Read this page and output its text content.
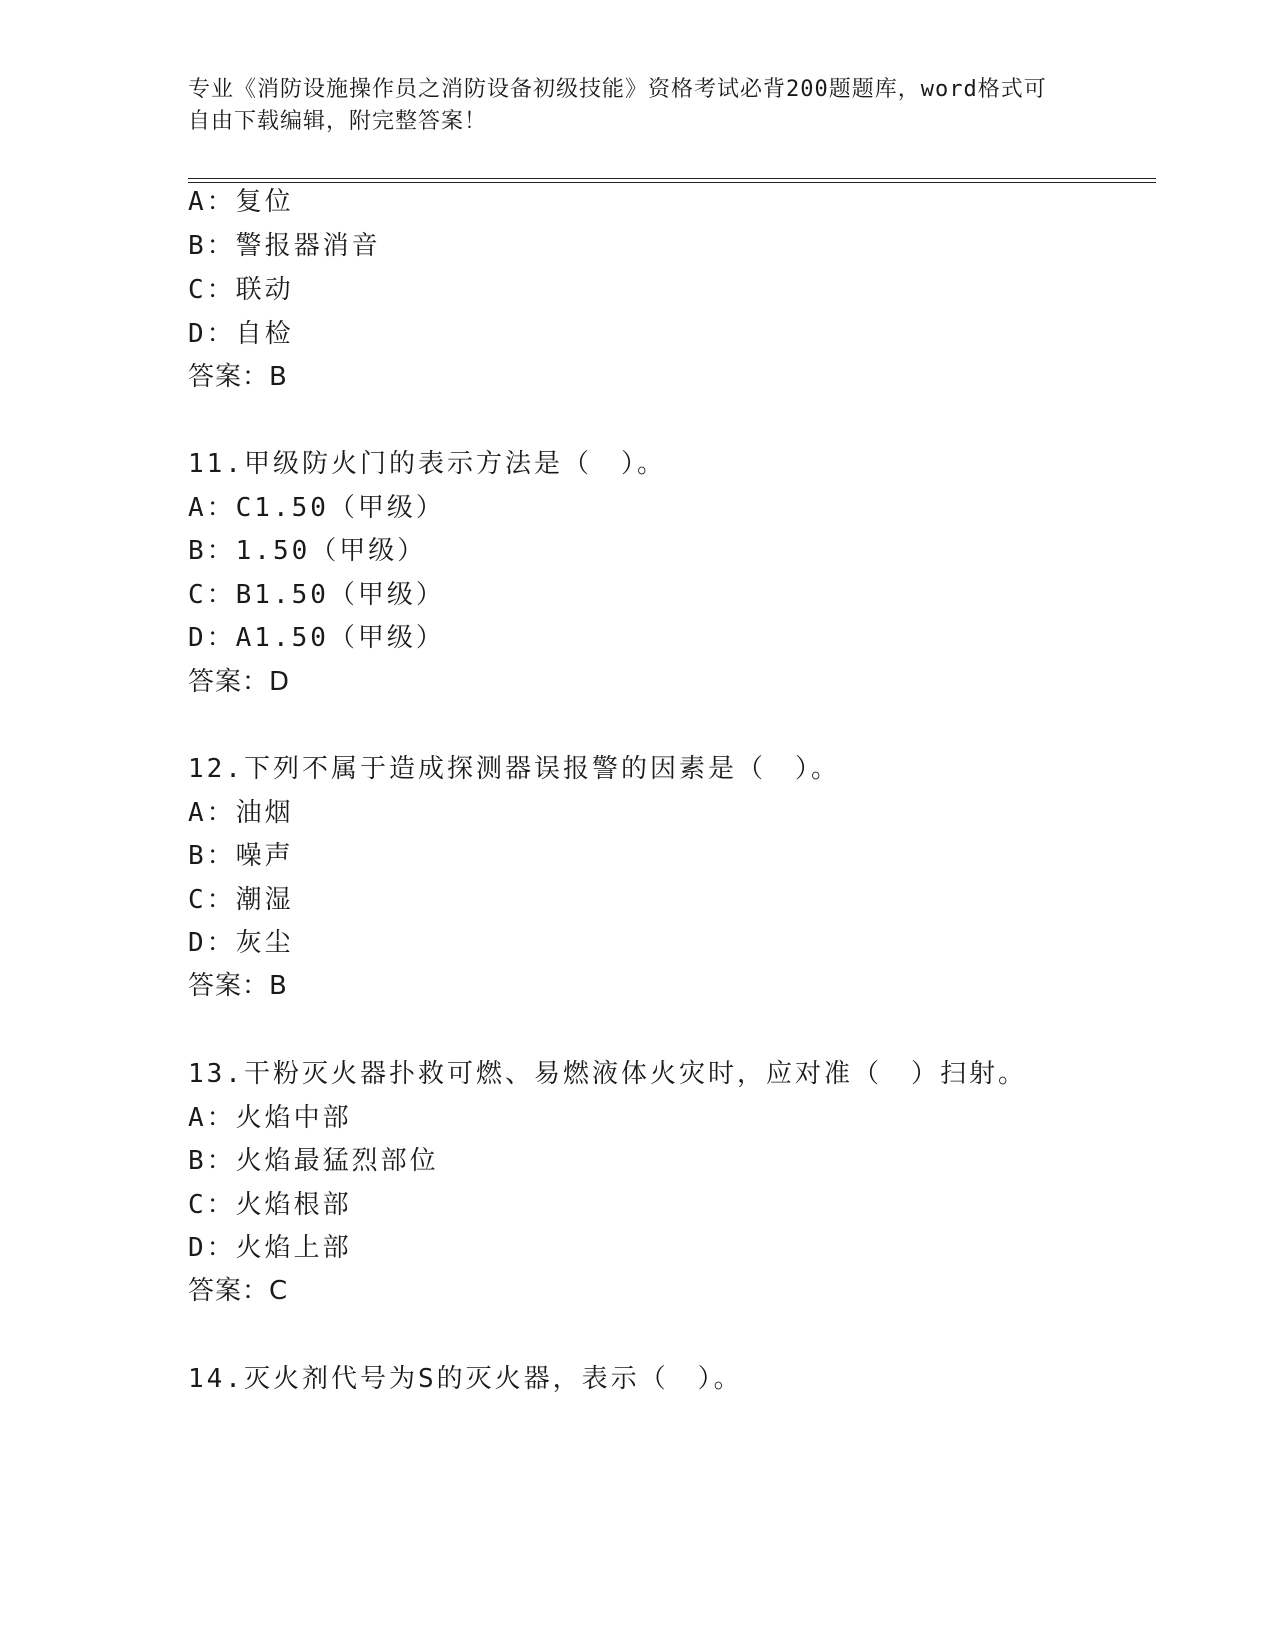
专业《消防设施操作员之消防设备初级技能》资格考试必背200题题库，word格式可自由下载编辑，附完整答案！
A：复位
B：警报器消音
C：联动
D：自检
答案：B
11.甲级防火门的表示方法是（　）。
A：C1.50（甲级）
B：1.50（甲级）
C：B1.50（甲级）
D：A1.50（甲级）
答案：D
12.下列不属于造成探测器误报警的因素是（　）。
A：油烟
B：噪声
C：潮湿
D：灰尘
答案：B
13.干粉灭火器扑救可燃、易燃液体火灾时，应对准（　）扫射。
A：火焰中部
B：火焰最猛烈部位
C：火焰根部
D：火焰上部
答案：C
14.灭火剂代号为S的灭火器，表示（　）。
